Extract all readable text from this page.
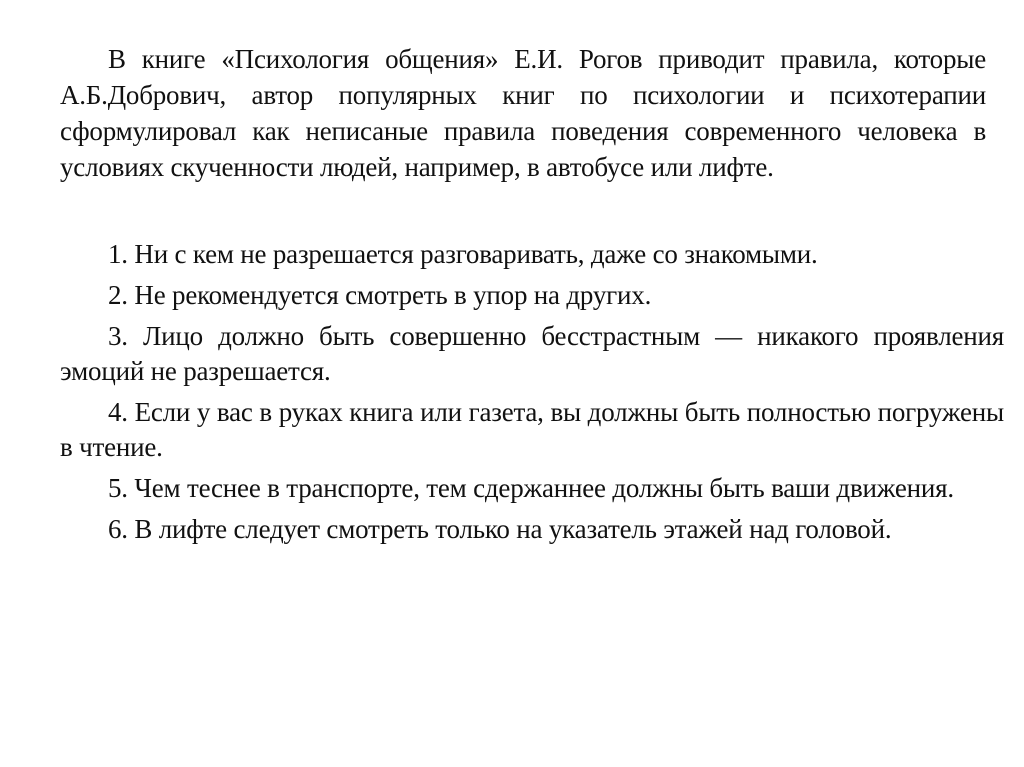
В книге «Психология общения» Е.И. Рогов приводит правила, которые А.Б.Добрович, автор популярных книг по психологии и психотерапии сформулировал как неписаные правила поведения современного человека в условиях скученности людей, например, в автобусе или лифте.

1. Ни с кем не разрешается разговаривать, даже со знакомыми.

2. Не рекомендуется смотреть в упор на других.

3. Лицо должно быть совершенно бесстрастным — никакого проявления эмоций не разрешается.

4. Если у вас в руках книга или газета, вы должны быть полностью погружены в чтение.

5. Чем теснее в транспорте, тем сдержаннее должны быть ваши движения.

6. В лифте следует смотреть только на указатель этажей над головой.
